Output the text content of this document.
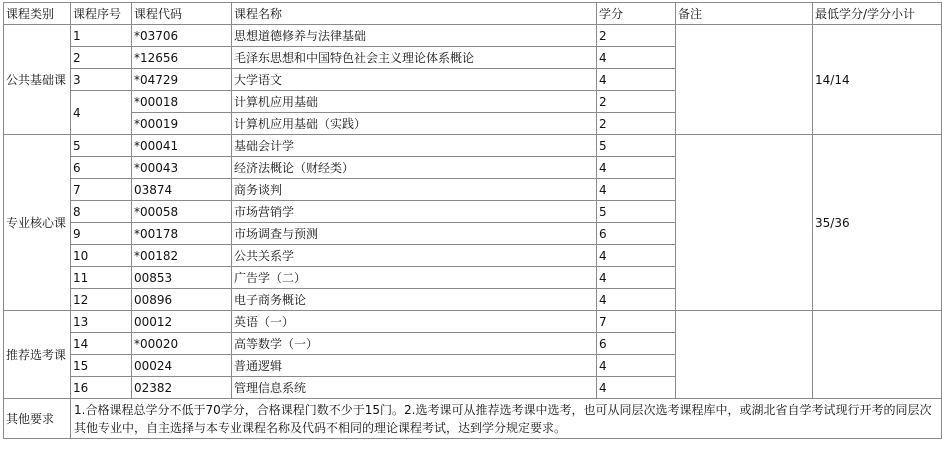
课程类别	课程序号	课程代码	课程名称	学分	备注	最低学分/学分小计
公共基础课	1	*03706	思想道德修养与法律基础	2		14/14
	2	*12656	毛泽东思想和中国特色社会主义理论体系概论	4		
	3	*04729	大学语文	4		
	4	*00018	计算机应用基础	2		
		*00019	计算机应用基础（实践）	2		
专业核心课	5	*00041	基础会计学	5		35/36
	6	*00043	经济法概论（财经类）	4		
	7	03874	商务谈判	4		
	8	*00058	市场营销学	5		
	9	*00178	市场调查与预测	6		
	10	*00182	公共关系学	4		
	11	00853	广告学（二）	4		
	12	00896	电子商务概论	4		
推荐选考课	13	00012	英语（一）	7		
	14	*00020	高等数学（一）	6		
	15	00024	普通逻辑	4		
	16	02382	管理信息系统	4		
其他要求	1.合格课程总学分不低于70学分，合格课程门数不少于15门。2.选考课可从推荐选考课中选考，也可从同层次选考课程库中，或湖北省自学考试现行开考的同层次其他专业中，自主选择与本专业课程名称及代码不相同的理论课程考试，达到学分规定要求。					
